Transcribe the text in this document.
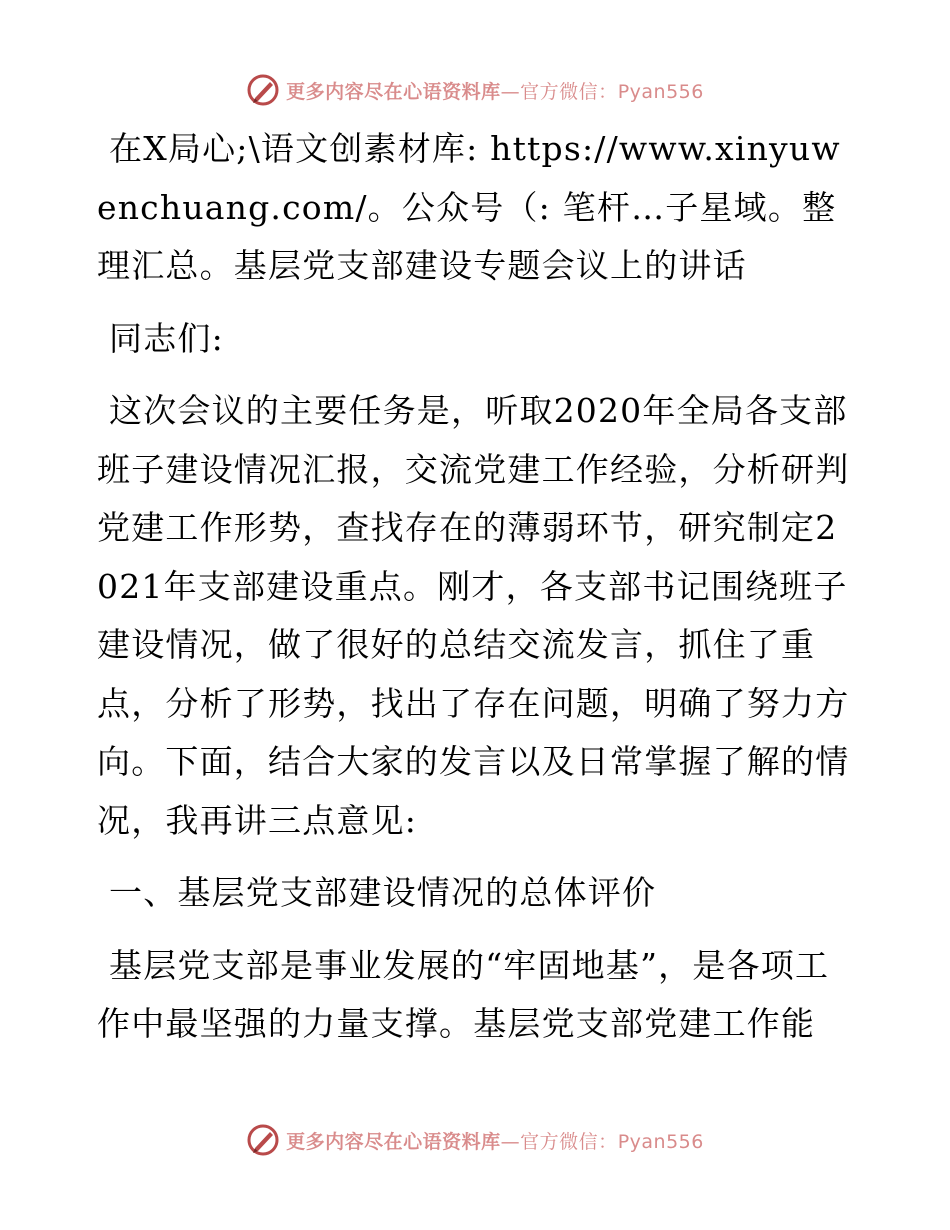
更多内容尽在心语资料库—官方微信：Pyan556

在X局心;\语文创素材库: https://www.xinyuwenchuang.com/。公众号（: 笔杆…子星域。整理汇总。基层党支部建设专题会议上的讲话

同志们:

这次会议的主要任务是，听取2020年全局各支部班子建设情况汇报，交流党建工作经验，分析研判党建工作形势，查找存在的薄弱环节，研究制定2021年支部建设重点。刚才，各支部书记围绕班子建设情况，做了很好的总结交流发言，抓住了重点，分析了形势，找出了存在问题，明确了努力方向。下面，结合大家的发言以及日常掌握了解的情况，我再讲三点意见:

一、基层党支部建设情况的总体评价

基层党支部是事业发展的“牢固地基”，是各项工作中最坚强的力量支撑。基层党支部党建工作能

更多内容尽在心语资料库—官方微信：Pyan556
